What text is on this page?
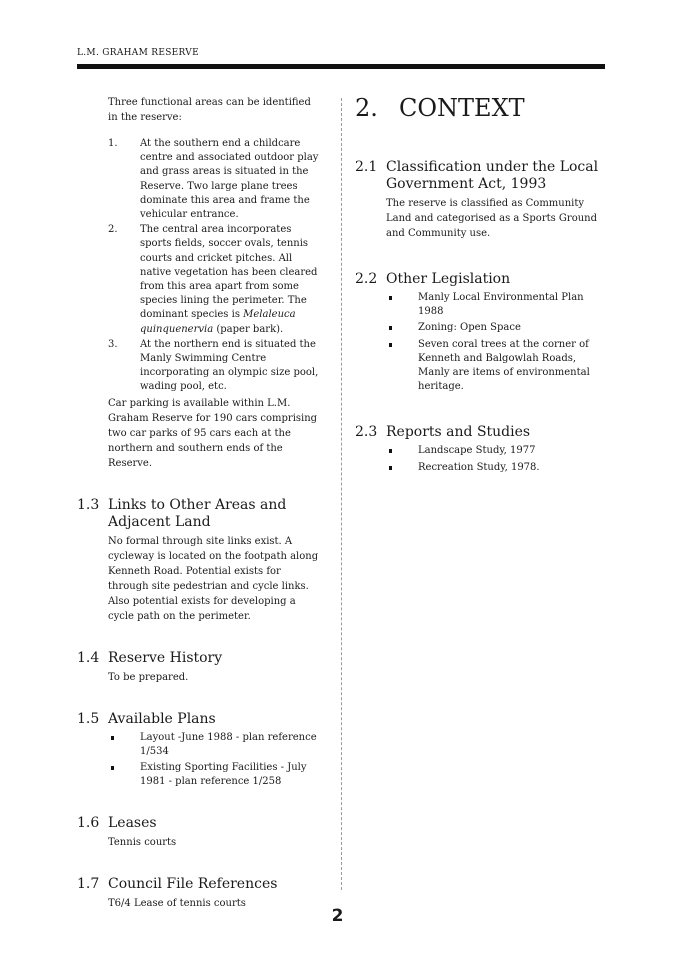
L.M. GRAHAM RESERVE

Three functional areas can be identified in the reserve:

1. At the southern end a childcare centre and associated outdoor play and grass areas is situated in the Reserve. Two large plane trees dominate this area and frame the vehicular entrance.
2. The central area incorporates sports fields, soccer ovals, tennis courts and cricket pitches. All native vegetation has been cleared from this area apart from some species lining the perimeter. The dominant species is Melaleuca quinquenervia (paper bark).
3. At the northern end is situated the Manly Swimming Centre incorporating an olympic size pool, wading pool, etc.

Car parking is available within L.M. Graham Reserve for 190 cars comprising two car parks of 95 cars each at the northern and southern ends of the Reserve.

1.3 Links to Other Areas and Adjacent Land
No formal through site links exist. A cycleway is located on the footpath along Kenneth Road. Potential exists for through site pedestrian and cycle links. Also potential exists for developing a cycle path on the perimeter.
1.4 Reserve History
To be prepared.
1.5 Available Plans
Layout -June 1988 - plan reference 1/534
Existing Sporting Facilities - July 1981 - plan reference 1/258
1.6 Leases
Tennis courts
1.7 Council File References
T6/4 Lease of tennis courts
2. CONTEXT
2.1 Classification under the Local Government Act, 1993
The reserve is classified as Community Land and categorised as a Sports Ground and Community use.
2.2 Other Legislation
Manly Local Environmental Plan 1988
Zoning: Open Space
Seven coral trees at the corner of Kenneth and Balgowlah Roads, Manly are items of environmental heritage.
2.3 Reports and Studies
Landscape Study, 1977
Recreation Study, 1978.
2
